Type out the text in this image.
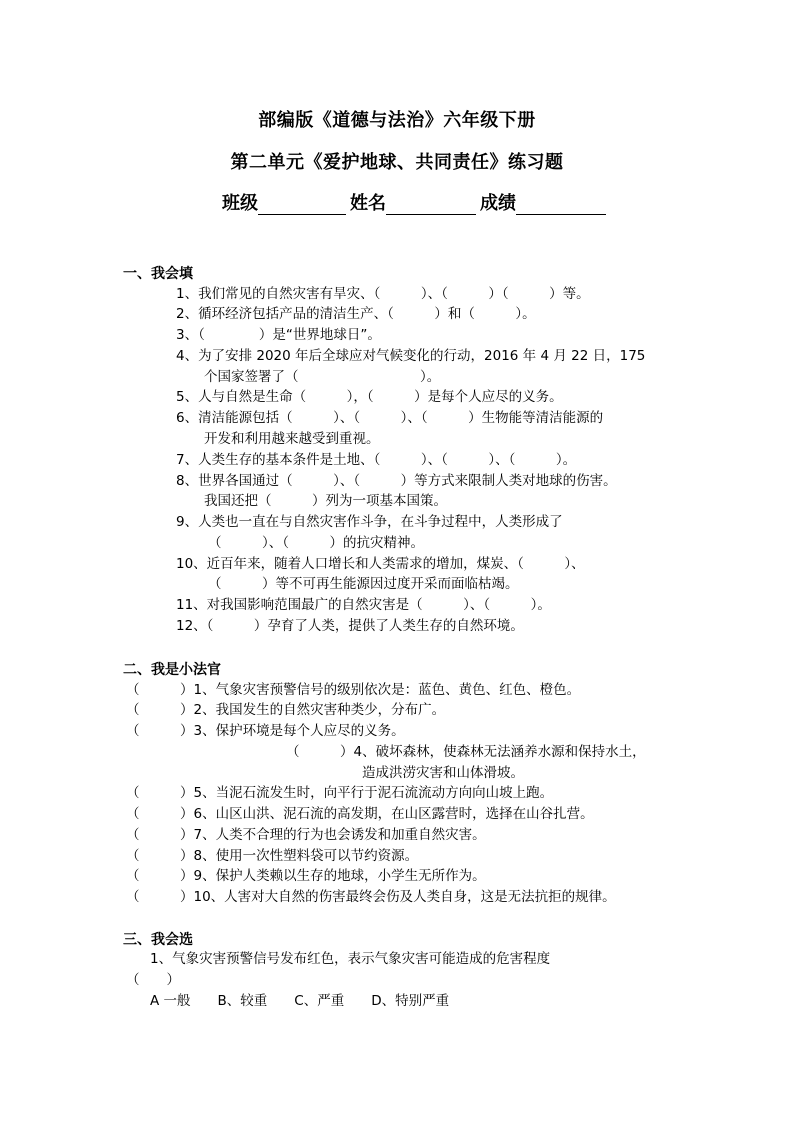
部编版《道德与法治》六年级下册
第二单元《爱护地球、共同责任》练习题
班级	姓名	成绩
一、我会填
1、我们常见的自然灾害有旱灾、（　　　）、（　　　）（　　　）等。
2、循环经济包括产品的清洁生产、（　　　）和（　　　）。
3、（　　　　）是“世界地球日”。
4、为了安排 2020 年后全球应对气候变化的行动，2016 年 4 月 22 日，175
个国家签署了（　　　　　　　　　）。
5、人与自然是生命（　　　），（　　　）是每个人应尽的义务。
6、清洁能源包括（　　　）、（　　　）、（　　　）生物能等清洁能源的
开发和利用越来越受到重视。
7、人类生存的基本条件是土地、（　　　）、（　　　）、（　　　）。
8、世界各国通过（　　　）、（　　　）等方式来限制人类对地球的伤害。
我国还把（　　　）列为一项基本国策。
9、人类也一直在与自然灾害作斗争，在斗争过程中，人类形成了
（　　　）、（　　　）的抗灾精神。
10、近百年来，随着人口增长和人类需求的增加，煤炭、（　　　）、
（　　　）等不可再生能源因过度开采而面临枯竭。
11、对我国影响范围最广的自然灾害是（　　　）、（　　　）。
12、（　　　）孕育了人类，提供了人类生存的自然环境。
二、我是小法官
（　　　）1、气象灾害预警信号的级别依次是：蓝色、黄色、红色、橙色。
（　　　）2、我国发生的自然灾害种类少，分布广。
（　　　）3、保护环境是每个人应尽的义务。
（　　　）4、破坏森林，使森林无法涵养水源和保持水土，
造成洪涝灾害和山体滑坡。
（　　　）5、当泥石流发生时，向平行于泥石流流动方向向山坡上跑。
（　　　）6、山区山洪、泥石流的高发期，在山区露营时，选择在山谷扎营。
（　　　）7、人类不合理的行为也会诱发和加重自然灾害。
（　　　）8、使用一次性塑料袋可以节约资源。
（　　　）9、保护人类赖以生存的地球，小学生无所作为。
（　　　）10、人害对大自然的伤害最终会伤及人类自身，这是无法抗拒的规律。
三、我会选
1、气象灾害预警信号发布红色，表示气象灾害可能造成的危害程度
（　　）
A 一般　　B、较重　　C、严重　　D、特别严重
